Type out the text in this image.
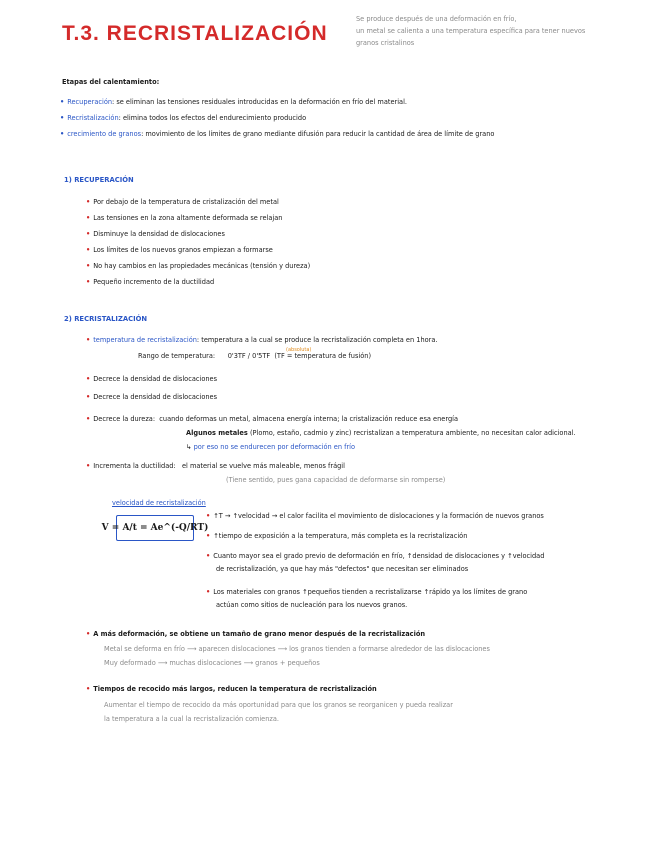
T.3. RECRISTALIZACIÓN
Se produce después de una deformación en frío,
un metal se calienta a una temperatura específica para tener nuevos
granos cristalinos
Etapas del calentamiento:
• Recuperación: se eliminan las tensiones residuales introducidas en la deformación en frío del material.
• Recristalización: elimina todos los efectos del endurecimiento producido
• crecimiento de granos: movimiento de los límites de grano mediante difusión para reducir la cantidad de área de límite de grano
1) RECUPERACIÓN
• Por debajo de la temperatura de cristalización del metal
• Las tensiones en la zona altamente deformada se relajan
• Disminuye la densidad de dislocaciones
• Los límites de los nuevos granos empiezan a formarse
• No hay cambios en las propiedades mecánicas (tensión y dureza)
• Pequeño incremento de la ductilidad
2) RECRISTALIZACIÓN
• temperatura de recristalización: temperatura a la cual se produce la recristalización completa en 1hora.
(absoluta)
Rango de temperatura: 0'3TF / 0'5TF (TF = temperatura de fusión)
• Decrece la densidad de dislocaciones
• Decrece la densidad de dislocaciones
• Decrece la dureza: cuando deformas un metal, almacena energía interna; la cristalización reduce esa energía
Algunos metales (Plomo, estaño, cadmio y zinc) recristalizan a temperatura ambiente, no necesitan calor adicional.
↳ por eso no se endurecen por deformación en frío
• Incrementa la ductilidad: el material se vuelve más maleable, menos frágil
(Tiene sentido, pues gana capacidad de deformarse sin romperse)
velocidad de recristalización
V = A/t = Ae^(-Q/RT)
• ↑T → ↑velocidad → el calor facilita el movimiento de dislocaciones y la formación de nuevos granos
• ↑tiempo de exposición a la temperatura, más completa es la recristalización
• Cuanto mayor sea el grado previo de deformación en frío, ↑densidad de dislocaciones y ↑velocidad
de recristalización, ya que hay más "defectos" que necesitan ser eliminados
• Los materiales con granos ↑pequeños tienden a recristalizarse ↑rápido ya los límites de grano
actúan como sitios de nucleación para los nuevos granos.
• A más deformación, se obtiene un tamaño de grano menor después de la recristalización
Metal se deforma en frío ⟶ aparecen dislocaciones ⟶ los granos tienden a formarse alrededor de las dislocaciones
Muy deformado ⟶ muchas dislocaciones ⟶ granos + pequeños
• Tiempos de recocido más largos, reducen la temperatura de recristalización
Aumentar el tiempo de recocido da más oportunidad para que los granos se reorganicen y pueda realizar
la temperatura a la cual la recristalización comienza.
